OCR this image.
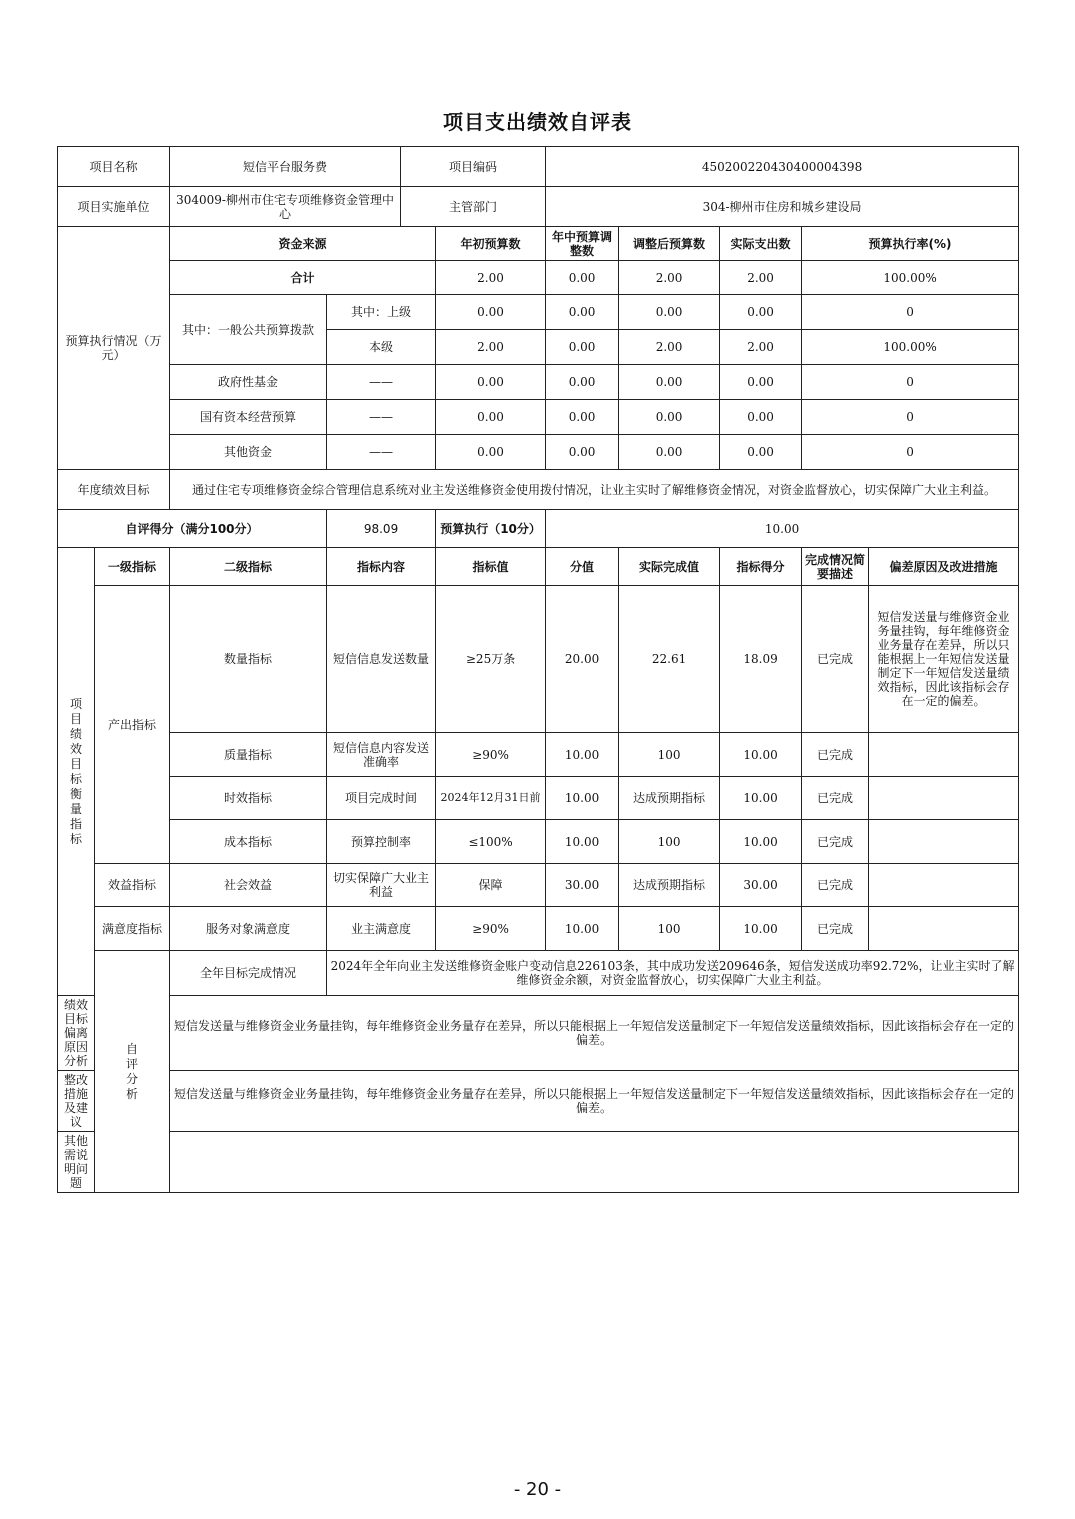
项目支出绩效自评表
项目名称		短信平台服务费		项目编码		450200220430400004398				
项目实施单位		304009-柳州市住宅专项维修资金管理中心		主管部门		304-柳州市住房和城乡建设局				
预算执行情况（万元）		资金来源			年初预算数	年中预算调整数	调整后预算数	实际支出数	预算执行率(%)	
		合计			2.00	0.00	2.00	2.00	100.00%	
		其中：一般公共预算拨款	其中：上级		0.00	0.00	0.00	0.00	0	
			本级		2.00	0.00	2.00	2.00	100.00%	
		政府性基金	——		0.00	0.00	0.00	0.00	0	
		国有资本经营预算	——		0.00	0.00	0.00	0.00	0	
		其他资金	——		0.00	0.00	0.00	0.00	0	
年度绩效目标		通过住宅专项维修资金综合管理信息系统对业主发送维修资金使用拨付情况，让业主实时了解维修资金情况，对资金监督放心，切实保障广大业主利益。								
自评得分（满分100分）			98.09		预算执行（10分）	10.00				
项目绩效目标衡量指标	一级指标	二级指标	指标内容		指标值	分值	实际完成值	指标得分	完成情况简要描述	偏差原因及改进措施
	产出指标	数量指标	短信信息发送数量		≥25万条	20.00	22.61	18.09	已完成	短信发送量与维修资金业务量挂钩，每年维修资金业务量存在差异，所以只能根据上一年短信发送量制定下一年短信发送量绩效指标，因此该指标会存在一定的偏差。
		质量指标	短信信息内容发送准确率		≥90%	10.00	100	10.00	已完成	
		时效指标	项目完成时间		2024年12月31日前	10.00	达成预期指标	10.00	已完成	
		成本指标	预算控制率		≤100%	10.00	100	10.00	已完成	
	效益指标	社会效益	切实保障广大业主利益		保障	30.00	达成预期指标	30.00	已完成	
	满意度指标	服务对象满意度	业主满意度		≥90%	10.00	100	10.00	已完成	
	自评分析	全年目标完成情况	2024年全年向业主发送维修资金账户变动信息226103条，其中成功发送209646条，短信发送成功率92.72%，让业主实时了解维修资金余额，对资金监督放心，切实保障广大业主利益。							
绩效目标偏离原因分析		短信发送量与维修资金业务量挂钩，每年维修资金业务量存在差异，所以只能根据上一年短信发送量制定下一年短信发送量绩效指标，因此该指标会存在一定的偏差。								
整改措施及建议		短信发送量与维修资金业务量挂钩，每年维修资金业务量存在差异，所以只能根据上一年短信发送量制定下一年短信发送量绩效指标，因此该指标会存在一定的偏差。								
其他需说明问题										
- 20 -
